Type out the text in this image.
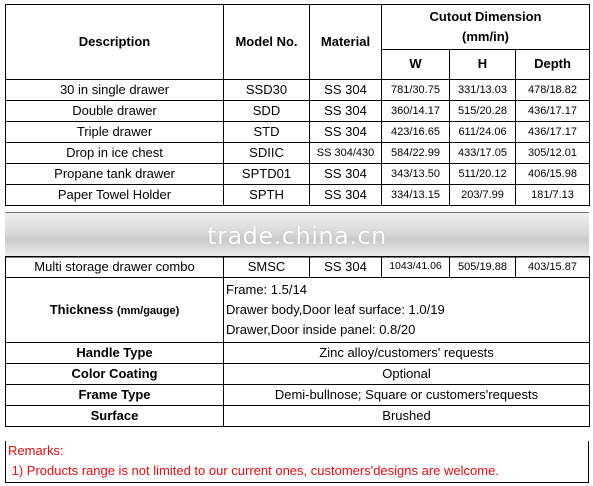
Description	Model No.	Material	Cutout Dimension
(mm/in)		

			W	H	Depth
30 in single drawer	SSD30	SS 304	781/30.75	331/13.03	478/18.82
Double drawer	SDD	SS 304	360/14.17	515/20.28	436/17.17
Triple drawer	STD	SS 304	423/16.65	611/24.06	436/17.17
Drop in ice chest	SDIIC	SS 304/430	584/22.99	433/17.05	305/12.01
Propane tank drawer	SPTD01	SS 304	343/13.50	511/20.12	406/15.98
Paper Towel Holder	SPTH	SS 304	334/13.15	203/7.99	181/7.13
trade.china.cn
Multi storage drawer combo	SMSC	SS 304	1043/41.06	505/19.88	403/15.87
Thickness (mm/gauge)	Frame: 1.5/14
Drawer body,Door leaf surface: 1.0/19
Drawer,Door inside panel: 0.8/20

Handle Type	Zinc alloy/customers' requests
Color Coating	Optional
Frame Type	Demi-bullnose; Square or customers'requests
Surface	Brushed
Remarks:
1) Products range is not limited to our current ones, customers'designs are welcome.
